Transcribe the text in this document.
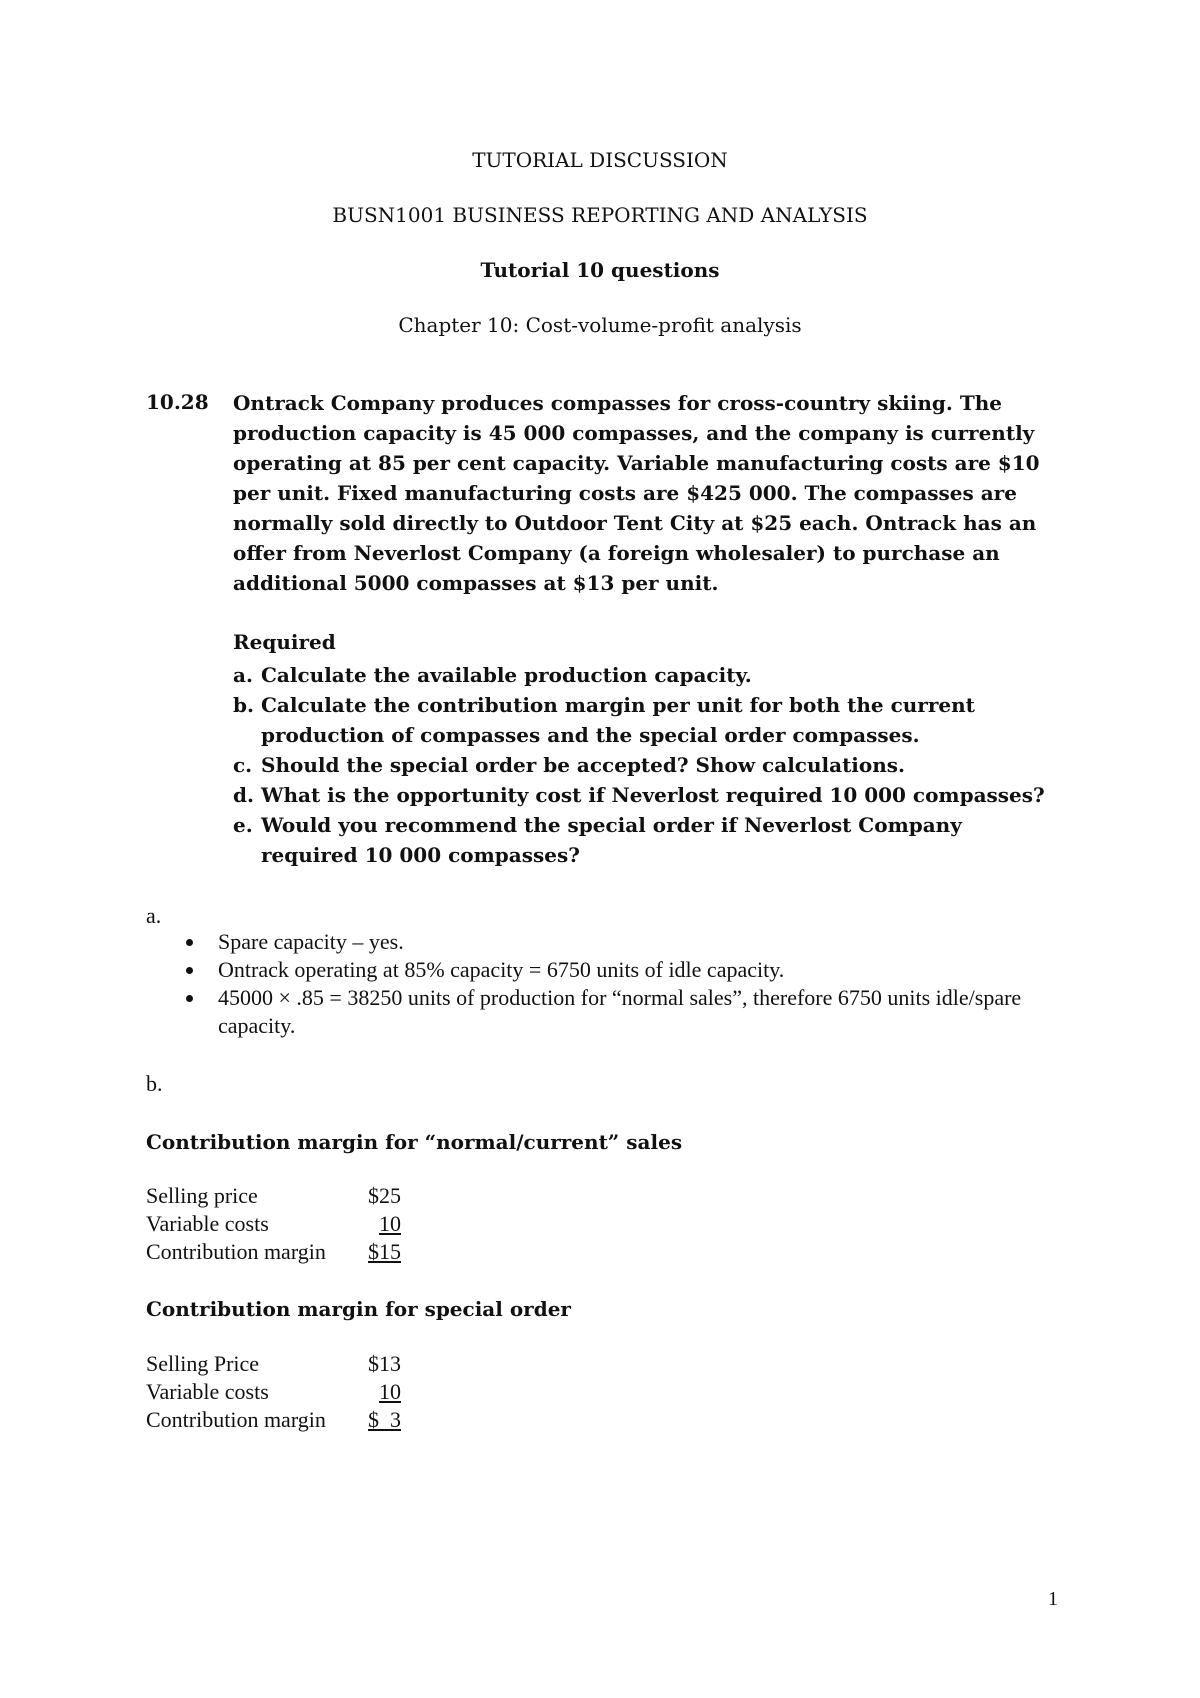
TUTORIAL DISCUSSION
BUSN1001 BUSINESS REPORTING AND ANALYSIS
Tutorial 10 questions
Chapter 10: Cost-volume-profit analysis
10.28 Ontrack Company produces compasses for cross-country skiing. The production capacity is 45 000 compasses, and the company is currently operating at 85 per cent capacity. Variable manufacturing costs are $10 per unit. Fixed manufacturing costs are $425 000. The compasses are normally sold directly to Outdoor Tent City at $25 each. Ontrack has an offer from Neverlost Company (a foreign wholesaler) to purchase an additional 5000 compasses at $13 per unit.

Required
a. Calculate the available production capacity.
b. Calculate the contribution margin per unit for both the current production of compasses and the special order compasses.
c. Should the special order be accepted? Show calculations.
d. What is the opportunity cost if Neverlost required 10 000 compasses?
e. Would you recommend the special order if Neverlost Company required 10 000 compasses?
a.
Spare capacity – yes.
Ontrack operating at 85% capacity = 6750 units of idle capacity.
45000 × .85 = 38250 units of production for “normal sales”, therefore 6750 units idle/spare capacity.
b.
Contribution margin for “normal/current” sales
Selling price	$25
Variable costs	10
Contribution margin	$15
Contribution margin for special order
Selling Price	$13
Variable costs	10
Contribution margin	$  3
1
